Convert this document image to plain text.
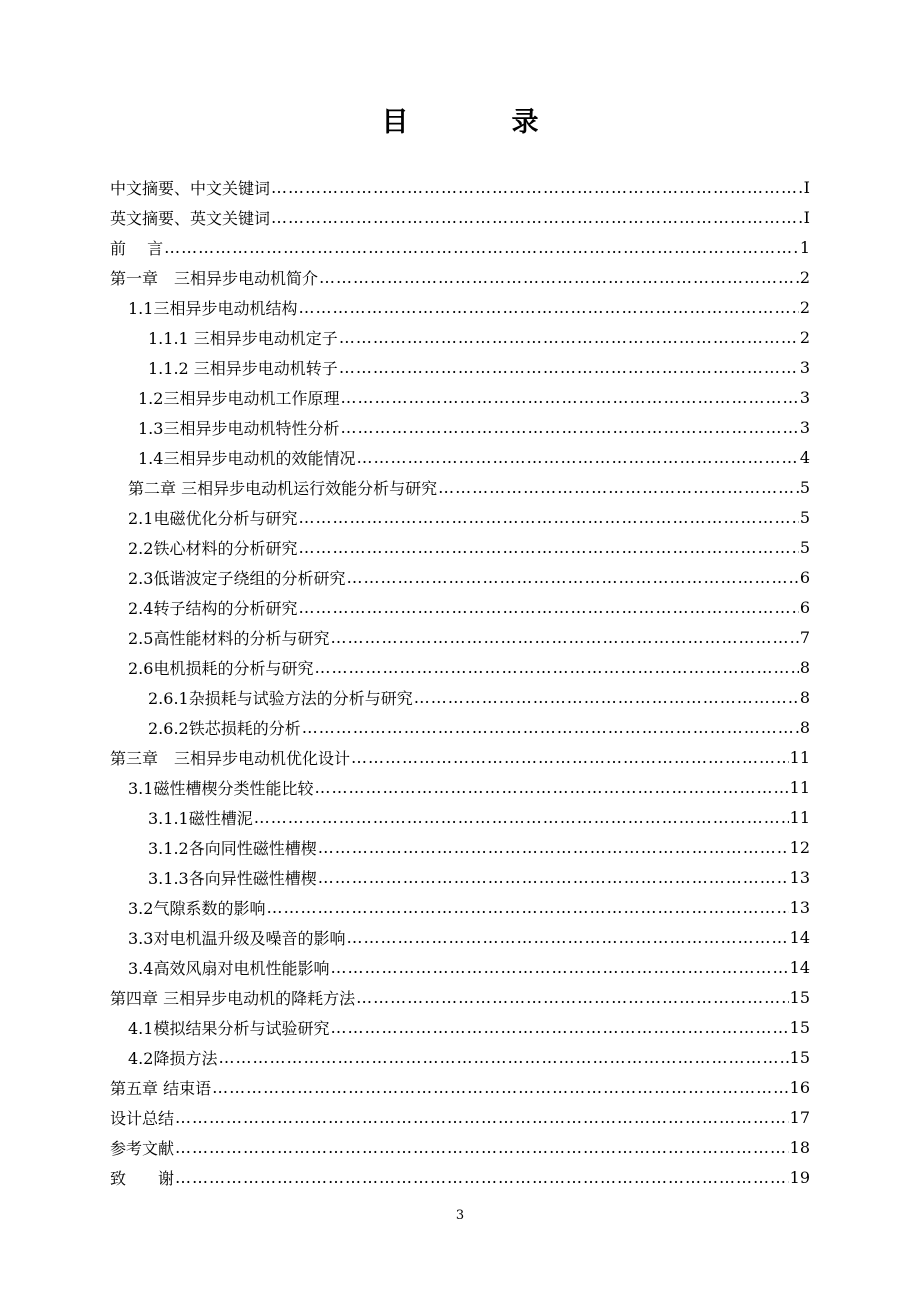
目　录
中文摘要、中文关键词 ……………………………………………………………………………………………………………………………………………………………………	I
英文摘要、英文关键词 ……………………………………………………………………………………………………………………………………………………………………	I
前　 言 ……………………………………………………………………………………………………………………………………………………………………	1
第一章　三相异步电动机简介 ……………………………………………………………………………………………………………………………………………………………………	2
1.1三相异步电动机结构 ……………………………………………………………………………………………………………………………………………………………………	2
1.1.1 三相异步电动机定子 ……………………………………………………………………………………………………………………………………………………………………	2
1.1.2 三相异步电动机转子 ……………………………………………………………………………………………………………………………………………………………………	3
1.2三相异步电动机工作原理 ……………………………………………………………………………………………………………………………………………………………………	3
1.3三相异步电动机特性分析 ……………………………………………………………………………………………………………………………………………………………………	3
1.4三相异步电动机的效能情况 ……………………………………………………………………………………………………………………………………………………………………	4
第二章 三相异步电动机运行效能分析与研究 ……………………………………………………………………………………………………………………………………………………………………	5
2.1电磁优化分析与研究 ……………………………………………………………………………………………………………………………………………………………………	5
2.2铁心材料的分析研究 ……………………………………………………………………………………………………………………………………………………………………	5
2.3低谐波定子绕组的分析研究 ……………………………………………………………………………………………………………………………………………………………………	6
2.4转子结构的分析研究 ……………………………………………………………………………………………………………………………………………………………………	6
2.5高性能材料的分析与研究 ……………………………………………………………………………………………………………………………………………………………………	7
2.6电机损耗的分析与研究 ……………………………………………………………………………………………………………………………………………………………………	8
2.6.1杂损耗与试验方法的分析与研究 ……………………………………………………………………………………………………………………………………………………………………	8
2.6.2铁芯损耗的分析 ……………………………………………………………………………………………………………………………………………………………………	8
第三章　三相异步电动机优化设计 ……………………………………………………………………………………………………………………………………………………………………	11
3.1磁性槽楔分类性能比较 ……………………………………………………………………………………………………………………………………………………………………	11
3.1.1磁性槽泥 ……………………………………………………………………………………………………………………………………………………………………	11
3.1.2各向同性磁性槽楔 ……………………………………………………………………………………………………………………………………………………………………	12
3.1.3各向异性磁性槽楔 ……………………………………………………………………………………………………………………………………………………………………	13
3.2气隙系数的影响 ……………………………………………………………………………………………………………………………………………………………………	13
3.3对电机温升级及噪音的影响 ……………………………………………………………………………………………………………………………………………………………………	14
3.4高效风扇对电机性能影响 ……………………………………………………………………………………………………………………………………………………………………	14
第四章 三相异步电动机的降耗方法 ……………………………………………………………………………………………………………………………………………………………………	15
4.1模拟结果分析与试验研究 ……………………………………………………………………………………………………………………………………………………………………	15
4.2降损方法 ……………………………………………………………………………………………………………………………………………………………………	15
第五章 结束语 ……………………………………………………………………………………………………………………………………………………………………	16
设计总结 ……………………………………………………………………………………………………………………………………………………………………	17
参考文献 ……………………………………………………………………………………………………………………………………………………………………	18
致　　谢 ……………………………………………………………………………………………………………………………………………………………………	19
3
